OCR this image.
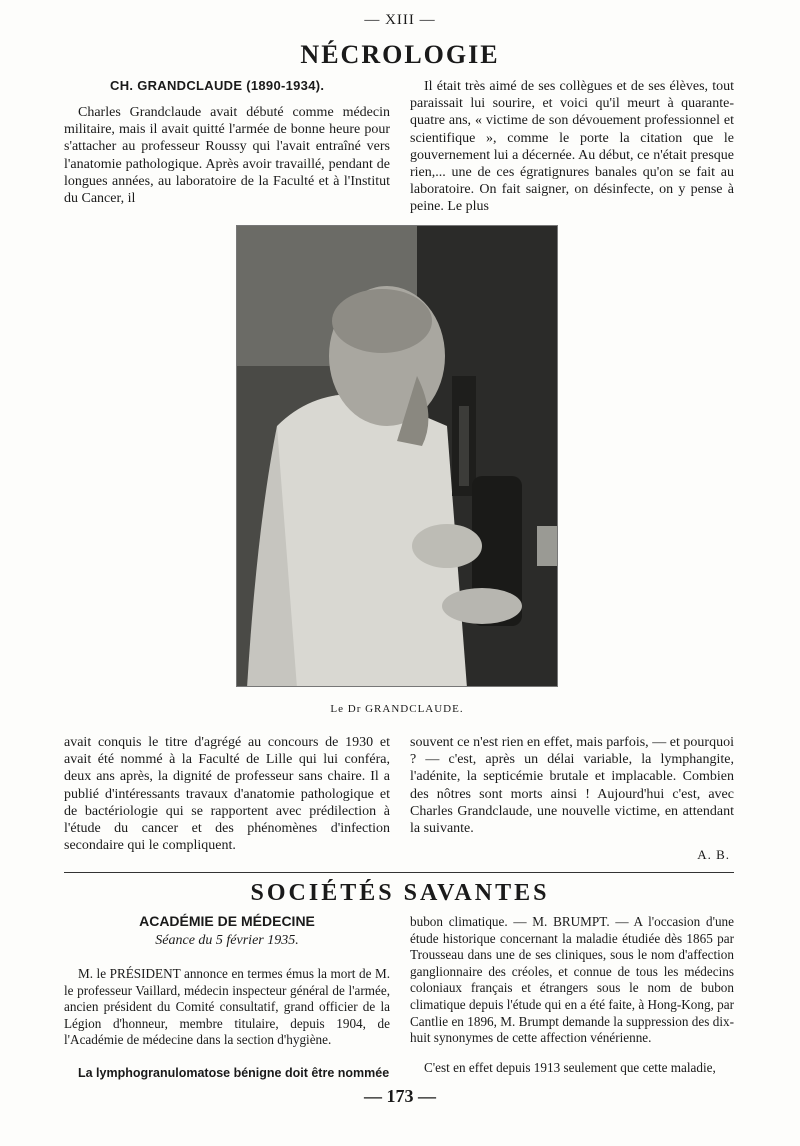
— XIII —
NÉCROLOGIE
CH. GRANDCLAUDE (1890-1934).
Charles Grandclaude avait débuté comme médecin militaire, mais il avait quitté l'armée de bonne heure pour s'attacher au professeur Roussy qui l'avait entraîné vers l'anatomie pathologique. Après avoir travaillé, pendant de longues années, au laboratoire de la Faculté et à l'Institut du Cancer, il
Il était très aimé de ses collègues et de ses élèves, tout paraissait lui sourire, et voici qu'il meurt à quarante-quatre ans, « victime de son dévouement professionnel et scientifique », comme le porte la citation que le gouvernement lui a décernée. Au début, ce n'était presque rien,... une de ces égratignures banales qu'on se fait au laboratoire. On fait saigner, on désinfecte, on y pense à peine. Le plus
Le Dr GRANDCLAUDE.
avait conquis le titre d'agrégé au concours de 1930 et avait été nommé à la Faculté de Lille qui lui conféra, deux ans après, la dignité de professeur sans chaire. Il a publié d'intéressants travaux d'anatomie pathologique et de bactériologie qui se rapportent avec prédilection à l'étude du cancer et des phénomènes d'infection secondaire qui le compliquent.
souvent ce n'est rien en effet, mais parfois, — et pourquoi ? — c'est, après un délai variable, la lymphangite, l'adénite, la septicémie brutale et implacable. Combien des nôtres sont morts ainsi ! Aujourd'hui c'est, avec Charles Grandclaude, une nouvelle victime, en attendant la suivante.
A. B.
SOCIÉTÉS SAVANTES
ACADÉMIE DE MÉDECINE
Séance du 5 février 1935.
M. le PRÉSIDENT annonce en termes émus la mort de M. le professeur Vaillard, médecin inspecteur général de l'armée, ancien président du Comité consultatif, grand officier de la Légion d'honneur, membre titulaire, depuis 1904, de l'Académie de médecine dans la section d'hygiène.
La lymphogranulomatose bénigne doit être nommée
bubon climatique. — M. BRUMPT. — A l'occasion d'une étude historique concernant la maladie étudiée dès 1865 par Trousseau dans une de ses cliniques, sous le nom d'affection ganglionnaire des créoles, et connue de tous les médecins coloniaux français et étrangers sous le nom de bubon climatique depuis l'étude qui en a été faite, à Hong-Kong, par Cantlie en 1896, M. Brumpt demande la suppression des dix-huit synonymes de cette affection vénérienne.
C'est en effet depuis 1913 seulement que cette maladie,
— 173 —
